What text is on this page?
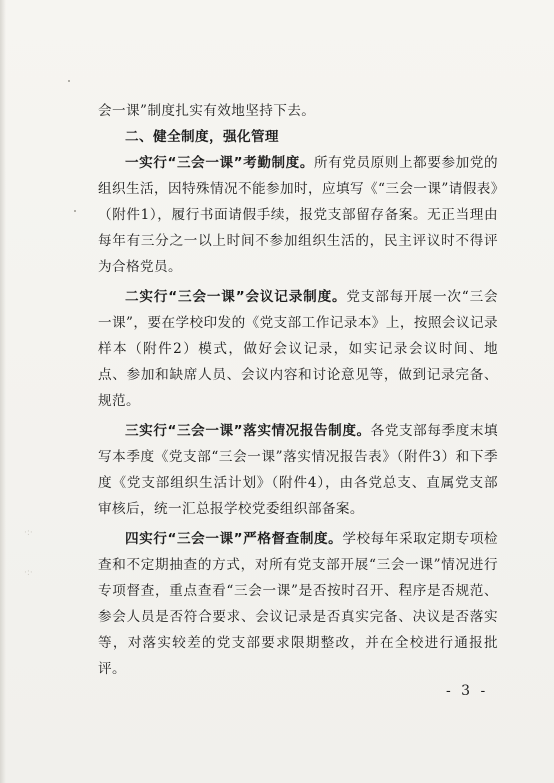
·:·
·:·

会一课”制度扎实有效地坚持下去。

二、健全制度，强化管理

一实行“三会一课”考勤制度。所有党员原则上都要参加党的组织生活，因特殊情况不能参加时，应填写《“三会一课”请假表》（附件1），履行书面请假手续，报党支部留存备案。无正当理由每年有三分之一以上时间不参加组织生活的，民主评议时不得评为合格党员。

二实行“三会一课”会议记录制度。党支部每开展一次“三会一课”，要在学校印发的《党支部工作记录本》上，按照会议记录样本（附件2）模式，做好会议记录，如实记录会议时间、地点、参加和缺席人员、会议内容和讨论意见等，做到记录完备、规范。

三实行“三会一课”落实情况报告制度。各党支部每季度末填写本季度《党支部“三会一课”落实情况报告表》（附件3）和下季度《党支部组织生活计划》（附件4），由各党总支、直属党支部审核后，统一汇总报学校党委组织部备案。

四实行“三会一课”严格督查制度。学校每年采取定期专项检查和不定期抽查的方式，对所有党支部开展“三会一课”情况进行专项督查，重点查看“三会一课”是否按时召开、程序是否规范、参会人员是否符合要求、会议记录是否真实完备、决议是否落实等，对落实较差的党支部要求限期整改，并在全校进行通报批评。

- 3 -
